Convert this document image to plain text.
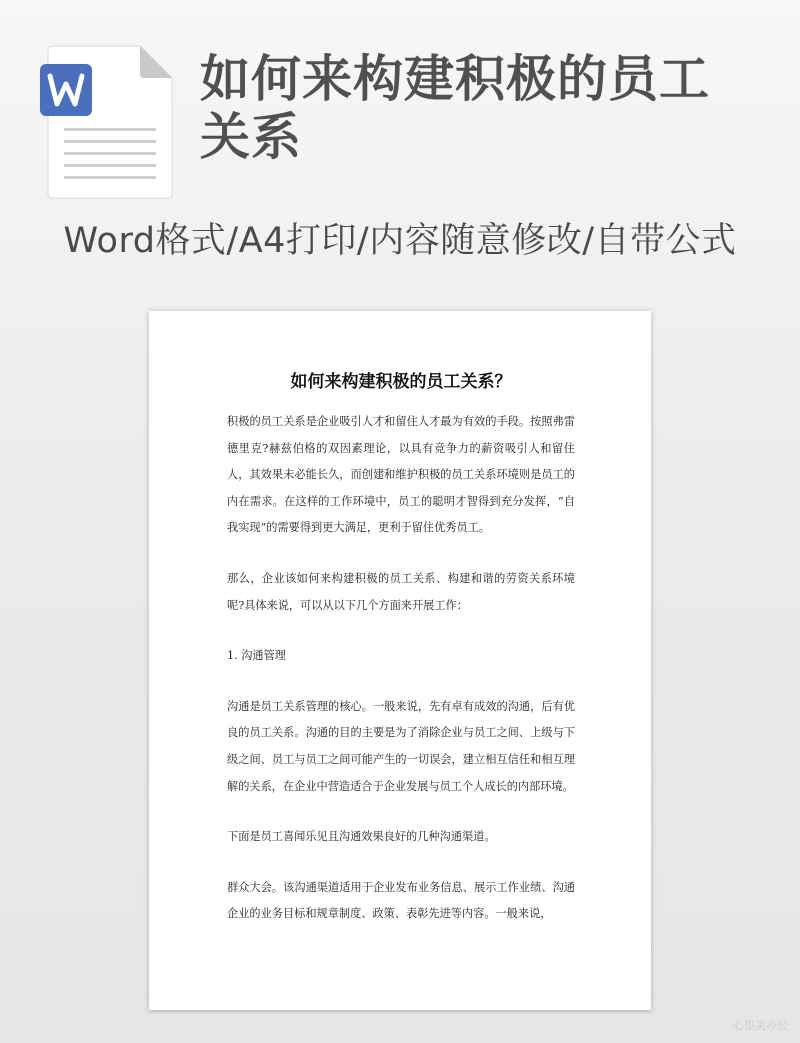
如何来构建积极的员工关系
Word格式/A4打印/内容随意修改/自带公式
如何来构建积极的员工关系？

积极的员工关系是企业吸引人才和留住人才最为有效的手段。按照弗雷德里克?赫兹伯格的双因素理论，以具有竞争力的薪资吸引人和留住人，其效果未必能长久，而创建和维护积极的员工关系环境则是员工的内在需求。在这样的工作环境中，员工的聪明才智得到充分发挥，“自我实现”的需要得到更大满足，更利于留住优秀员工。

那么，企业该如何来构建积极的员工关系、构建和谐的劳资关系环境呢?具体来说，可以从以下几个方面来开展工作：

1. 沟通管理

沟通是员工关系管理的核心。一般来说，先有卓有成效的沟通，后有优良的员工关系。沟通的目的主要是为了消除企业与员工之间、上级与下级之间、员工与员工之间可能产生的一切误会，建立相互信任和相互理解的关系，在企业中营造适合于企业发展与员工个人成长的内部环境。

下面是员工喜闻乐见且沟通效果良好的几种沟通渠道。

群众大会。该沟通渠道适用于企业发布业务信息、展示工作业绩、沟通企业的业务目标和规章制度、政策、表彰先进等内容。一般来说，

心里美办公
